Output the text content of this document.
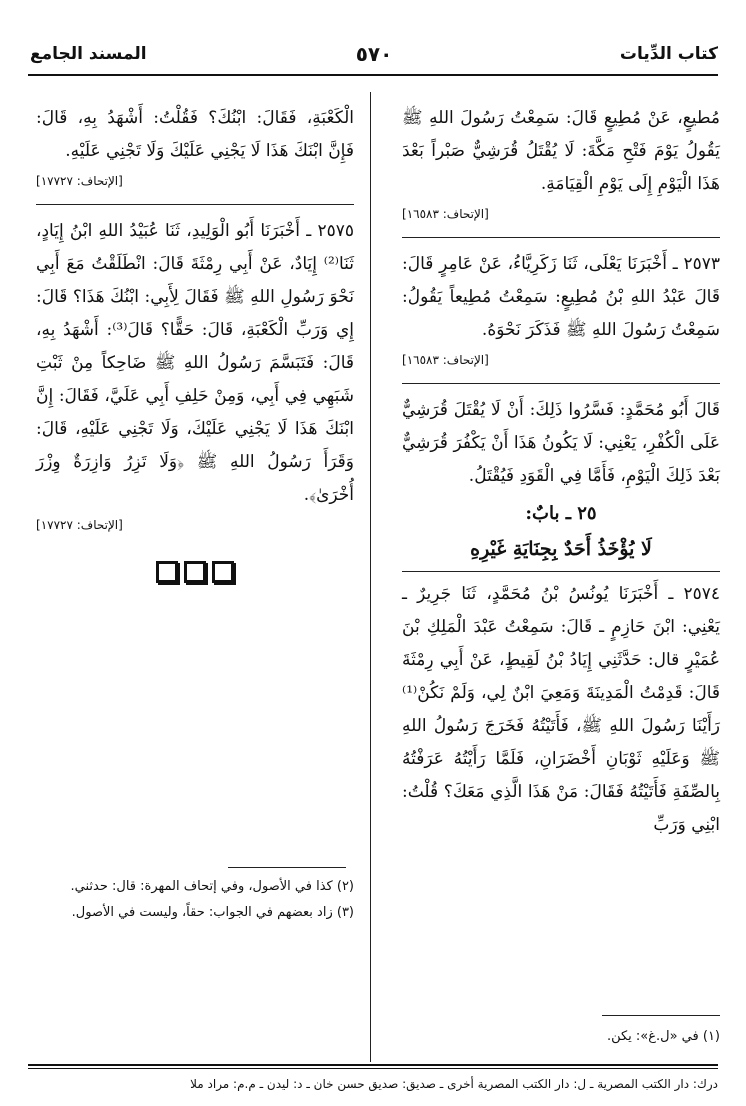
كتاب الدِّيات
٥٧٠
المسند الجامع

مُطيعٍ، عَنْ مُطِيعٍ قَالَ: سَمِعْتُ رَسُولَ اللهِ ﷺ يَقُولُ يَوْمَ فَتْحِ مَكَّةَ: لَا يُقْتَلُ قُرَشِيٌّ صَبْراً بَعْدَ هَذَا الْيَوْمِ إِلَى يَوْمِ الْقِيَامَةِ.

[الإتحاف: ١٦٥٨٣]

٢٥٧٣ ـ أَخْبَرَنَا يَعْلَى، ثَنَا زَكَرِيَّاءُ، عَنْ عَامِرٍ قَالَ: قَالَ عَبْدُ اللهِ بْنُ مُطِيعٍ: سَمِعْتُ مُطِيعاً يَقُولُ: سَمِعْتُ رَسُولَ اللهِ ﷺ فَذَكَرَ نَحْوَهُ.

[الإتحاف: ١٦٥٨٣]

قَالَ أَبُو مُحَمَّدٍ: فَسَّرُوا ذَلِكَ: أَنْ لَا يُقْتَلَ قُرَشِيٌّ عَلَى الْكُفْرِ، يَعْنِي: لَا يَكُونُ هَذَا أَنْ يَكْفُرَ قُرَشِيٌّ بَعْدَ ذَلِكَ الْيَوْمِ، فَأَمَّا فِي الْقَوَدِ فَيُقْتَلُ.

٢٥ ـ بابٌ:
لَا يُؤْخَذُ أَحَدٌ بِجِنَايَةِ غَيْرِهِ

٢٥٧٤ ـ أَخْبَرَنَا يُونُسُ بْنُ مُحَمَّدٍ، ثَنَا جَرِيرٌ ـ يَعْنِي: ابْنَ حَازِمٍ ـ قَالَ: سَمِعْتُ عَبْدَ الْمَلِكِ بْنَ عُمَيْرٍ قال: حَدَّثَنِي إِيَادُ بْنُ لَقِيطٍ، عَنْ أَبِي رِمْثَةَ قَالَ: قَدِمْتُ الْمَدِينَةَ وَمَعِيَ ابْنٌ لِي، وَلَمْ نَكُنْ⁽¹⁾ رَأَيْنَا رَسُولَ اللهِ ﷺ، فَأَتَيْتُهُ فَخَرَجَ رَسُولُ اللهِ ﷺ وَعَلَيْهِ ثَوْبَانِ أَخْضَرَانِ، فَلَمَّا رَأَيْتُهُ عَرَفْتُهُ بِالصِّفَةِ فَأَتَيْتُهُ فَقَالَ: مَنْ هَذَا الَّذِي مَعَكَ؟ قُلْتُ: ابْنِي وَرَبِّ

الْكَعْبَةِ، فَقَالَ: ابْنُكَ؟ فَقُلْتُ: أَشْهَدُ بِهِ، قَالَ: فَإِنَّ ابْنَكَ هَذَا لَا يَجْنِي عَلَيْكَ وَلَا تَجْنِي عَلَيْهِ.

[الإتحاف: ١٧٧٢٧]

٢٥٧٥ ـ أَخْبَرَنَا أَبُو الْوَلِيدِ، ثَنَا عُبَيْدُ اللهِ ابْنُ إِيَادٍ، ثَنَا⁽²⁾ إِيَادٌ، عَنْ أَبِي رِمْثَةَ قَالَ: انْطَلَقْتُ مَعَ أَبِي نَحْوَ رَسُولِ اللهِ ﷺ فَقَالَ لِأَبِي: ابْنُكَ هَذَا؟ قَالَ: إِي وَرَبِّ الْكَعْبَةِ، قَالَ: حَقًّا؟ قَالَ⁽³⁾: أَشْهَدُ بِهِ، قَالَ: فَتَبَسَّمَ رَسُولُ اللهِ ﷺ ضَاحِكاً مِنْ ثَبْتِ شَبَهِي فِي أَبِي، وَمِنْ حَلِفِ أَبِي عَلَيَّ، فَقَالَ: إِنَّ ابْنَكَ هَذَا لَا يَجْنِي عَلَيْكَ، وَلَا تَجْنِي عَلَيْهِ، قَالَ: وَقَرَأَ رَسُولُ اللهِ ﷺ ﴿وَلَا تَزِرُ وَازِرَةٌ وِزْرَ أُخْرَىٰ﴾.

[الإتحاف: ١٧٧٢٧]

(٢) كذا في الأصول، وفي إتحاف المهرة: قال: حدثني.

(٣) زاد بعضهم في الجواب: حقاً، وليست في الأصول.

(١) في «ل.غ»: يكن.

درك: دار الكتب المصرية ـ ل: دار الكتب المصرية أخرى ـ صديق: صديق حسن خان ـ د: ليدن ـ م.م: مراد ملا
